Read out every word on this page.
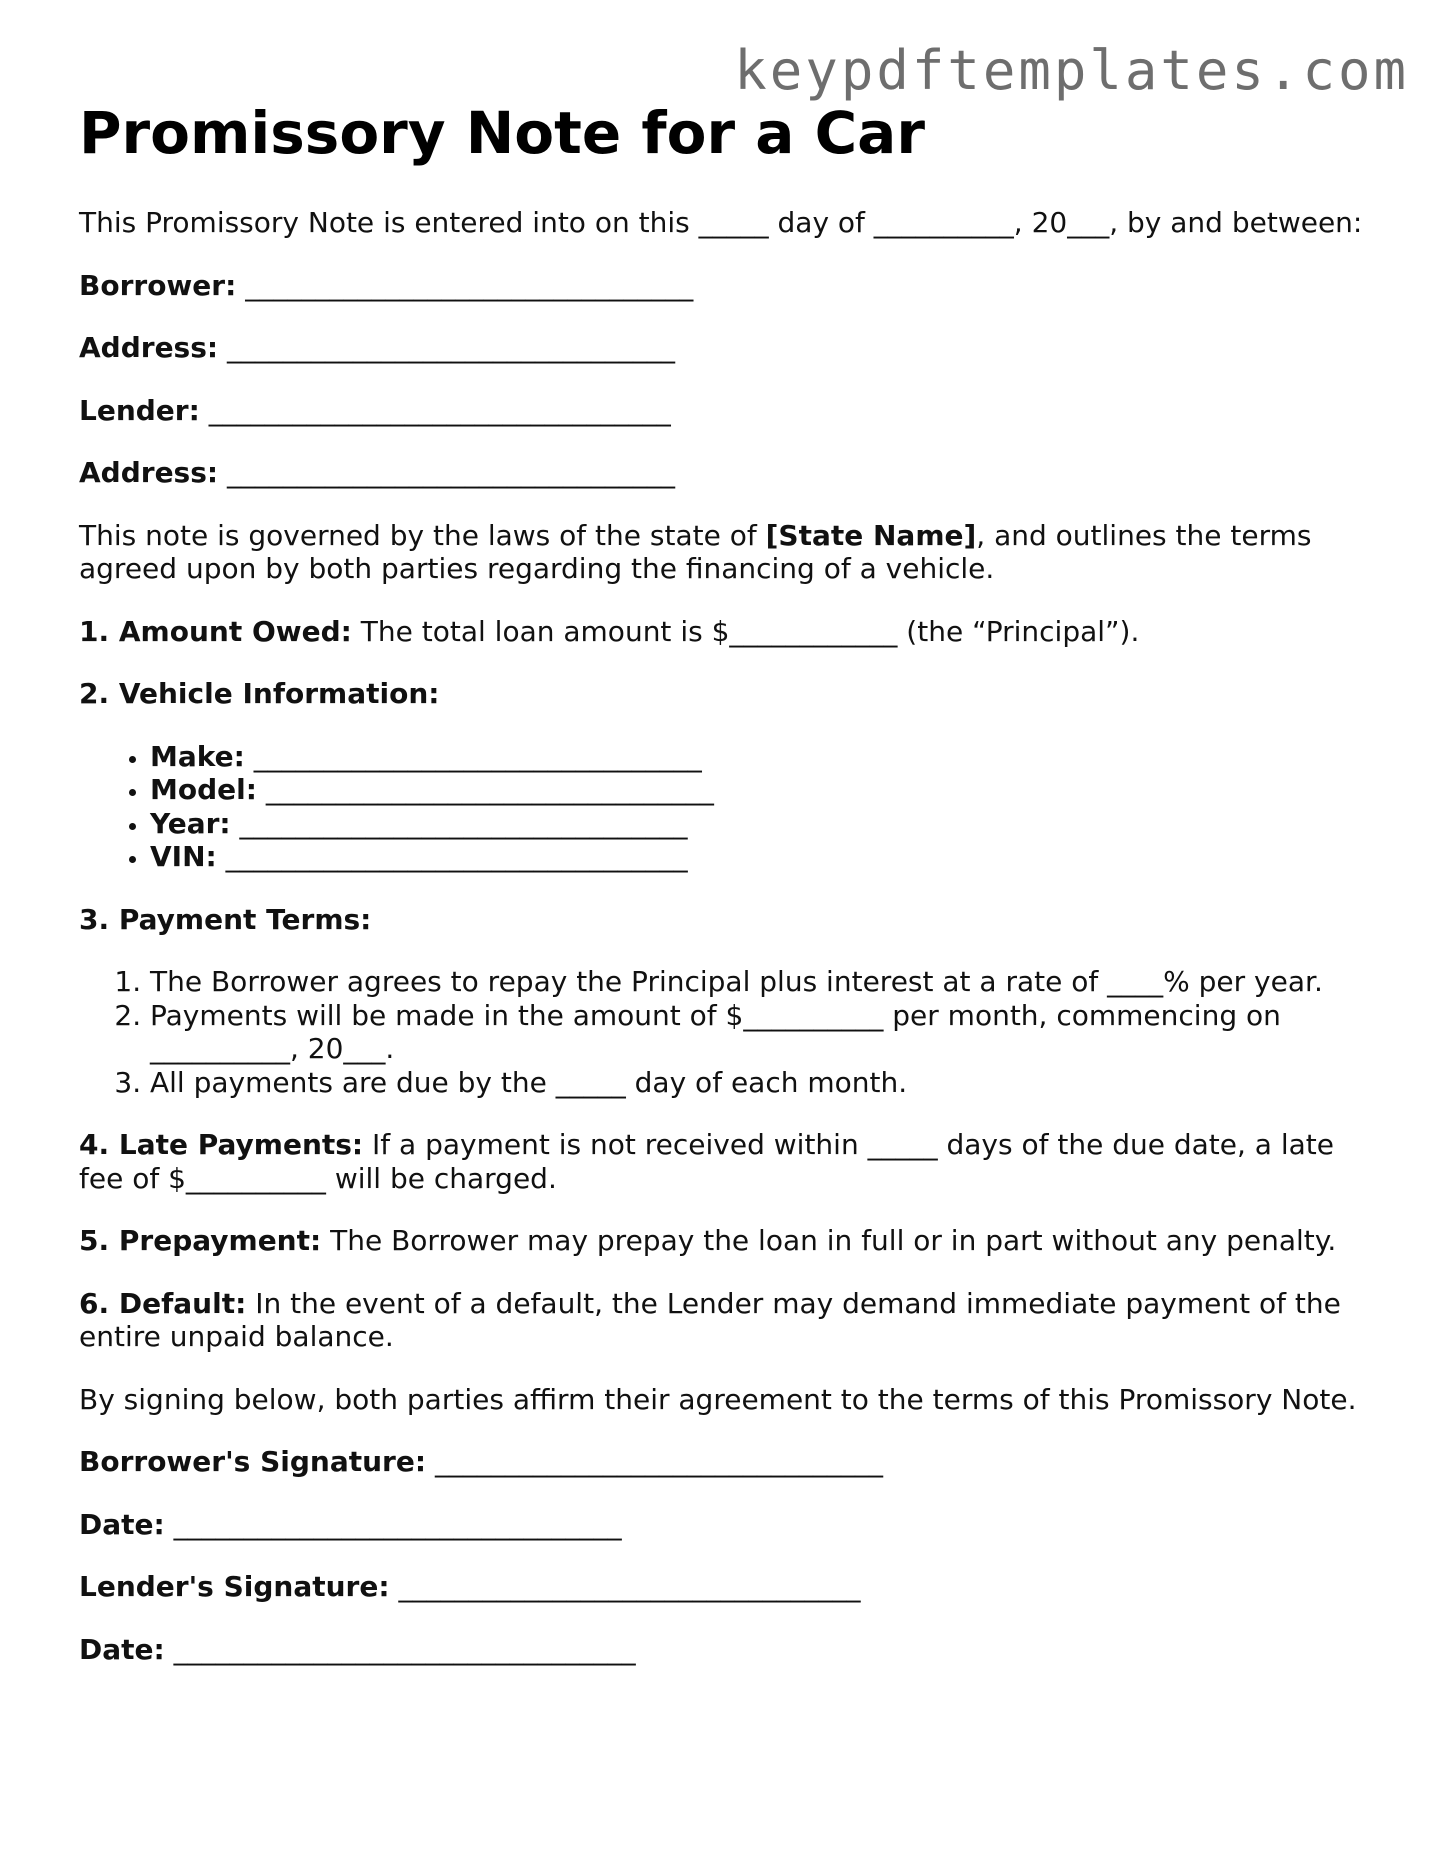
keypdftemplates.com
Promissory Note for a Car

This Promissory Note is entered into on this _____ day of __________, 20___, by and between:

Borrower: ________________________________

Address: ________________________________

Lender: _________________________________

Address: ________________________________

This note is governed by the laws of the state of [State Name], and outlines the terms agreed upon by both parties regarding the financing of a vehicle.

1. Amount Owed: The total loan amount is $____________ (the “Principal”).

2. Vehicle Information:

• Make: ________________________________
• Model: ________________________________
• Year: ________________________________
• VIN: _________________________________

3. Payment Terms:

1. The Borrower agrees to repay the Principal plus interest at a rate of ____% per year.
2. Payments will be made in the amount of $__________ per month, commencing on __________, 20___.
3. All payments are due by the _____ day of each month.

4. Late Payments: If a payment is not received within _____ days of the due date, a late fee of $__________ will be charged.

5. Prepayment: The Borrower may prepay the loan in full or in part without any penalty.

6. Default: In the event of a default, the Lender may demand immediate payment of the entire unpaid balance.

By signing below, both parties affirm their agreement to the terms of this Promissory Note.

Borrower's Signature: ________________________________

Date: ________________________________

Lender's Signature: _________________________________

Date: _________________________________
